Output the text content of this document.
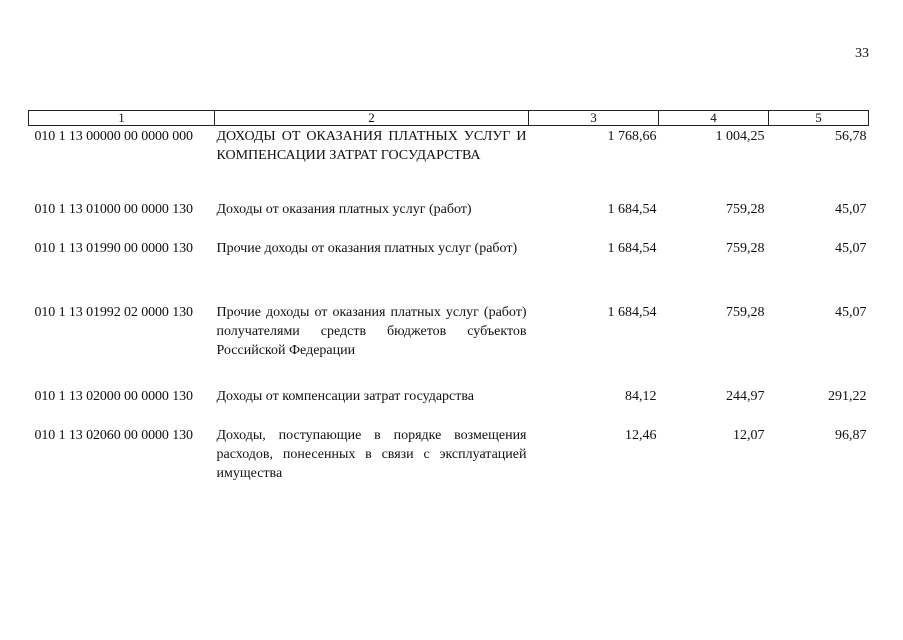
33
1	2	3	4	5
010 1 13 00000 00 0000 000	ДОХОДЫ ОТ ОКАЗАНИЯ ПЛАТНЫХ УСЛУГ И КОМПЕНСАЦИИ ЗАТРАТ ГОСУДАРСТВА	1 768,66	1 004,25	56,78
010 1 13 01000 00 0000 130	Доходы от оказания платных услуг (работ)	1 684,54	759,28	45,07
010 1 13 01990 00 0000 130	Прочие доходы от оказания платных услуг (работ)	1 684,54	759,28	45,07
010 1 13 01992 02 0000 130	Прочие доходы от оказания платных услуг (работ) получателями средств бюджетов субъектов Российской Федерации	1 684,54	759,28	45,07
010 1 13 02000 00 0000 130	Доходы от компенсации затрат государства	84,12	244,97	291,22
010 1 13 02060 00 0000 130	Доходы, поступающие в порядке возмещения расходов, понесенных в связи с эксплуатацией имущества	12,46	12,07	96,87
